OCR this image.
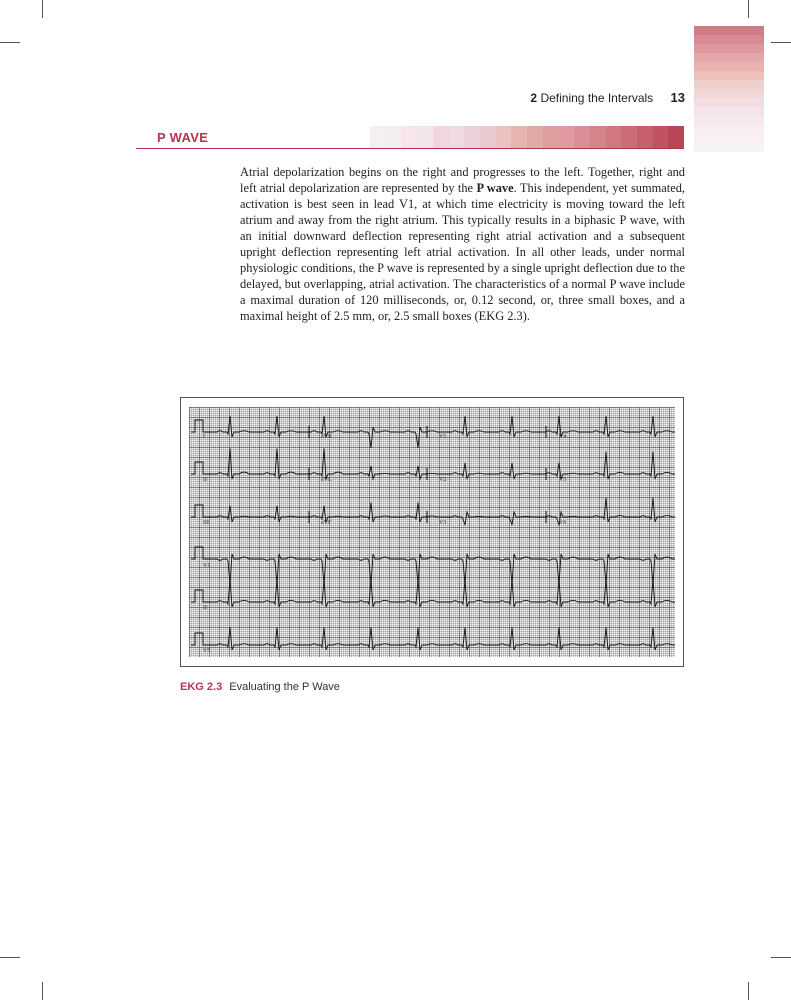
2 Defining the Intervals 13
P WAVE

Atrial depolarization begins on the right and progresses to the left. Together, right and left atrial depolarization are represented by the P wave. This independent, yet summated, activation is best seen in lead V1, at which time electricity is moving toward the left atrium and away from the right atrium. This typically results in a biphasic P wave, with an initial downward deflection representing right atrial activation and a subsequent upright deflection representing left atrial activation. In all other leads, under normal physiologic conditions, the P wave is represented by a single upright deflection due to the delayed, but overlapping, atrial activation. The characteristics of a normal P wave include a maximal duration of 120 milliseconds, or, 0.12 second, or, three small boxes, and a maximal height of 2.5 mm, or, 2.5 small boxes (EKG 2.3).

I	aVR	V1	V4
II	aVL	V2	V5
III	aVF	V3	V6
V1
II
V5
EKG 2.3 Evaluating the P Wave
